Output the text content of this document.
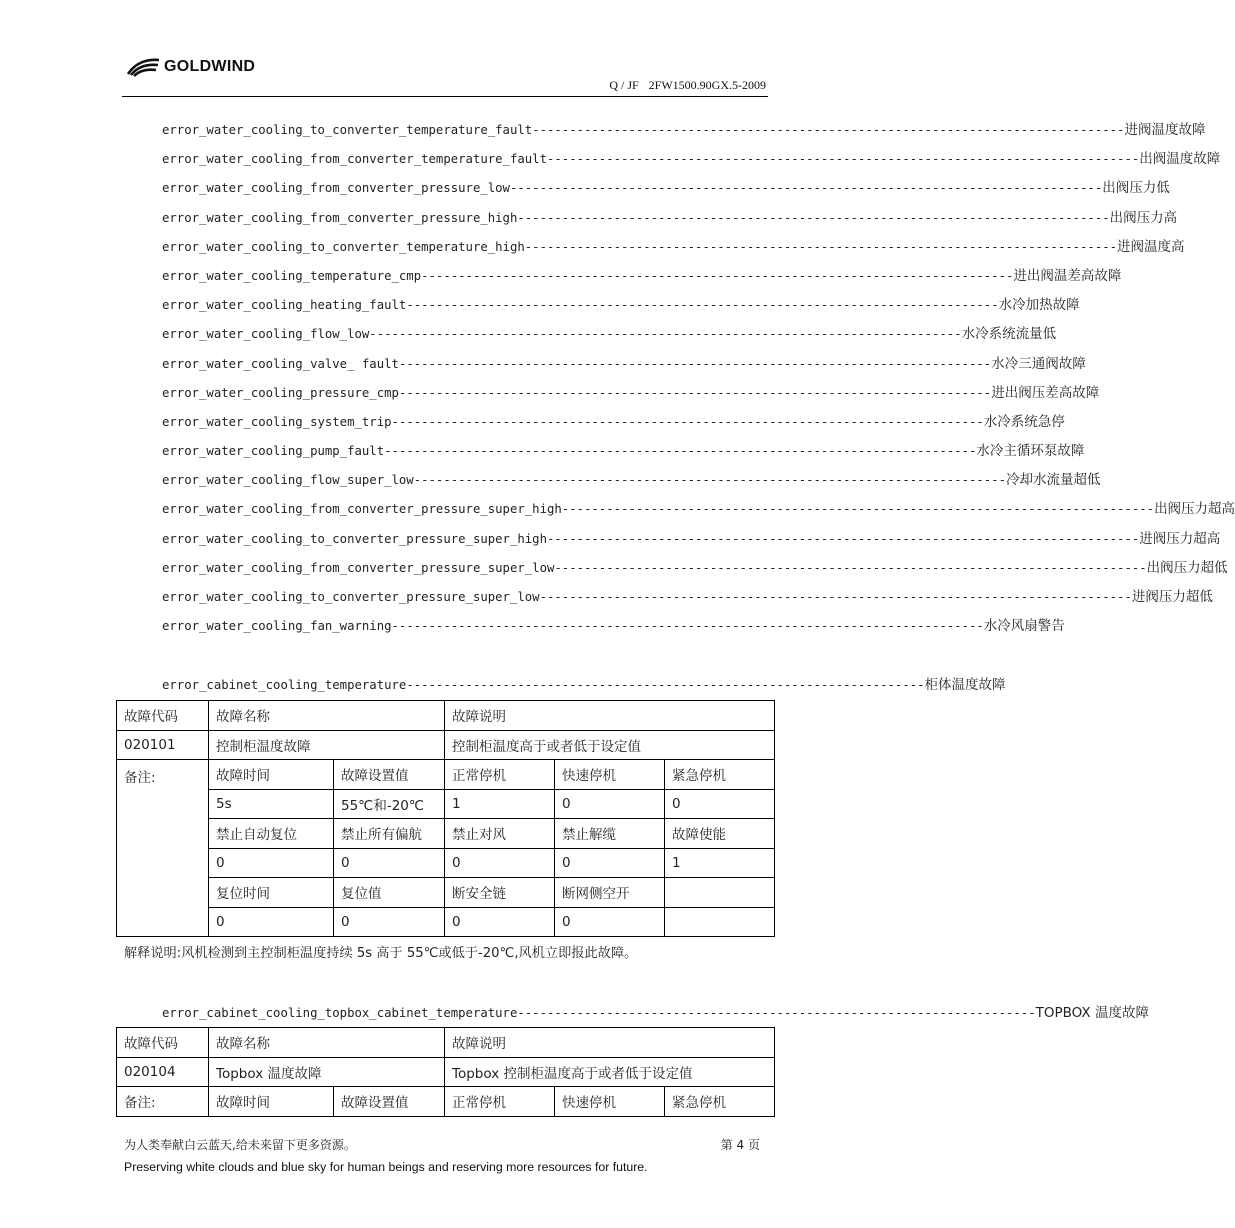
GOLDWIND
Q / JF 2FW1500.90GX.5-2009
error_water_cooling_to_converter_temperature_fault -------------------------------------------------------------------------------- 进阀温度故障
error_water_cooling_from_converter_temperature_fault -------------------------------------------------------------------------------- 出阀温度故障
error_water_cooling_from_converter_pressure_low -------------------------------------------------------------------------------- 出阀压力低
error_water_cooling_from_converter_pressure_high -------------------------------------------------------------------------------- 出阀压力高
error_water_cooling_to_converter_temperature_high -------------------------------------------------------------------------------- 进阀温度高
error_water_cooling_temperature_cmp -------------------------------------------------------------------------------- 进出阀温差高故障
error_water_cooling_heating_fault -------------------------------------------------------------------------------- 水冷加热故障
error_water_cooling_flow_low -------------------------------------------------------------------------------- 水冷系统流量低
error_water_cooling_valve_ fault -------------------------------------------------------------------------------- 水冷三通阀故障
error_water_cooling_pressure_cmp -------------------------------------------------------------------------------- 进出阀压差高故障
error_water_cooling_system_trip -------------------------------------------------------------------------------- 水冷系统急停
error_water_cooling_pump_fault -------------------------------------------------------------------------------- 水冷主循环泵故障
error_water_cooling_flow_super_low -------------------------------------------------------------------------------- 冷却水流量超低
error_water_cooling_from_converter_pressure_super_high -------------------------------------------------------------------------------- 出阀压力超高
error_water_cooling_to_converter_pressure_super_high -------------------------------------------------------------------------------- 进阀压力超高
error_water_cooling_from_converter_pressure_super_low -------------------------------------------------------------------------------- 出阀压力超低
error_water_cooling_to_converter_pressure_super_low -------------------------------------------------------------------------------- 进阀压力超低
error_water_cooling_fan_warning -------------------------------------------------------------------------------- 水冷风扇警告
error_cabinet_cooling_temperature ---------------------------------------------------------------------- 柜体温度故障
故障代码	故障名称		故障说明		
020101	控制柜温度故障		控制柜温度高于或者低于设定值		
备注:	故障时间	故障设置值	正常停机	快速停机	紧急停机
	5s	55℃和-20℃	1	0	0
	禁止自动复位	禁止所有偏航	禁止对风	禁止解缆	故障使能
	0	0	0	0	1
	复位时间	复位值	断安全链	断网侧空开	
	0	0	0	0	
解释说明:风机检测到主控制柜温度持续 5s 高于 55℃或低于-20℃,风机立即报此故障。
error_cabinet_cooling_topbox_cabinet_temperature ---------------------------------------------------------------------- TOPBOX 温度故障
故障代码	故障名称		故障说明		
020104	Topbox 温度故障		Topbox 控制柜温度高于或者低于设定值		
备注:	故障时间	故障设置值	正常停机	快速停机	紧急停机
为人类奉献白云蓝天,给未来留下更多资源。	第 4 页
Preserving white clouds and blue sky for human beings and reserving more resources for future.
